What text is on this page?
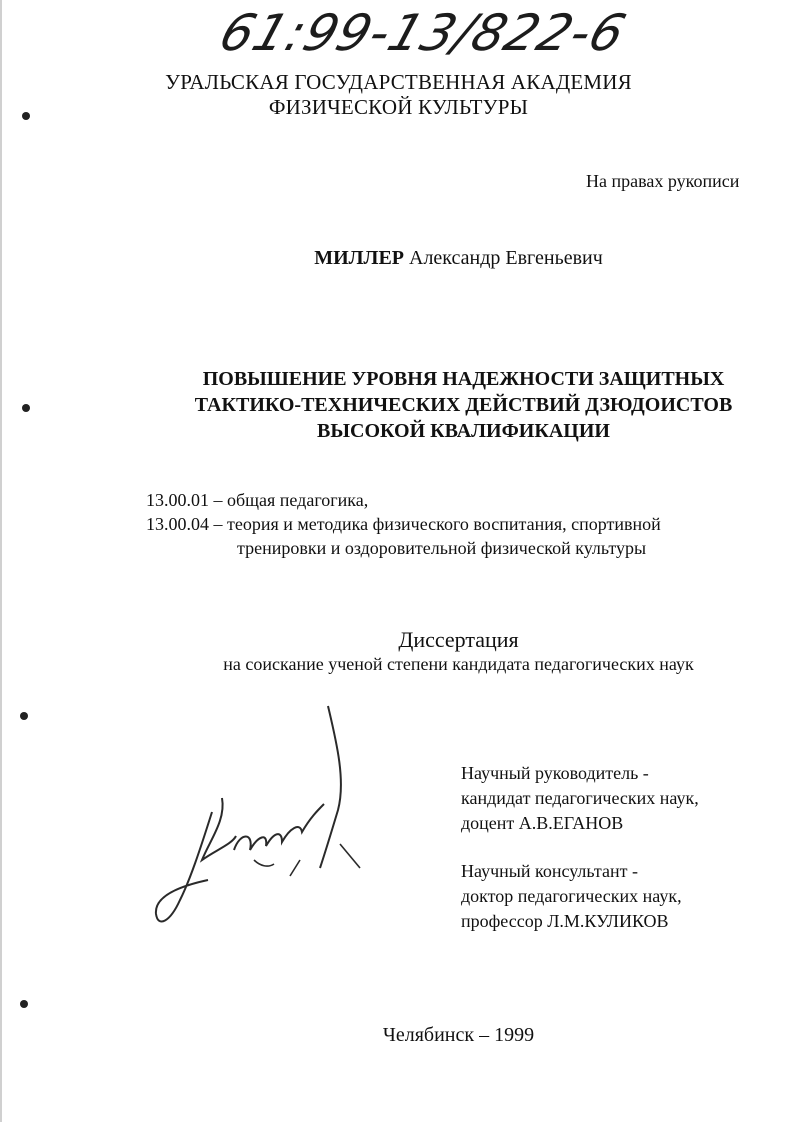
61:99-13/822-6
УРАЛЬСКАЯ ГОСУДАРСТВЕННАЯ АКАДЕМИЯ
ФИЗИЧЕСКОЙ КУЛЬТУРЫ
На правах рукописи
МИЛЛЕР Александр Евгеньевич
ПОВЫШЕНИЕ УРОВНЯ НАДЕЖНОСТИ ЗАЩИТНЫХ
ТАКТИКО-ТЕХНИЧЕСКИХ ДЕЙСТВИЙ ДЗЮДОИСТОВ
ВЫСОКОЙ КВАЛИФИКАЦИИ
13.00.01 – общая педагогика,
13.00.04 – теория и методика физического воспитания, спортивной
тренировки и оздоровительной физической культуры
Диссертация
на соискание ученой степени кандидата педагогических наук
Научный руководитель -
кандидат педагогических наук,
доцент А.В.ЕГАНОВ
Научный консультант -
доктор педагогических наук,
профессор Л.М.КУЛИКОВ
Челябинск – 1999
